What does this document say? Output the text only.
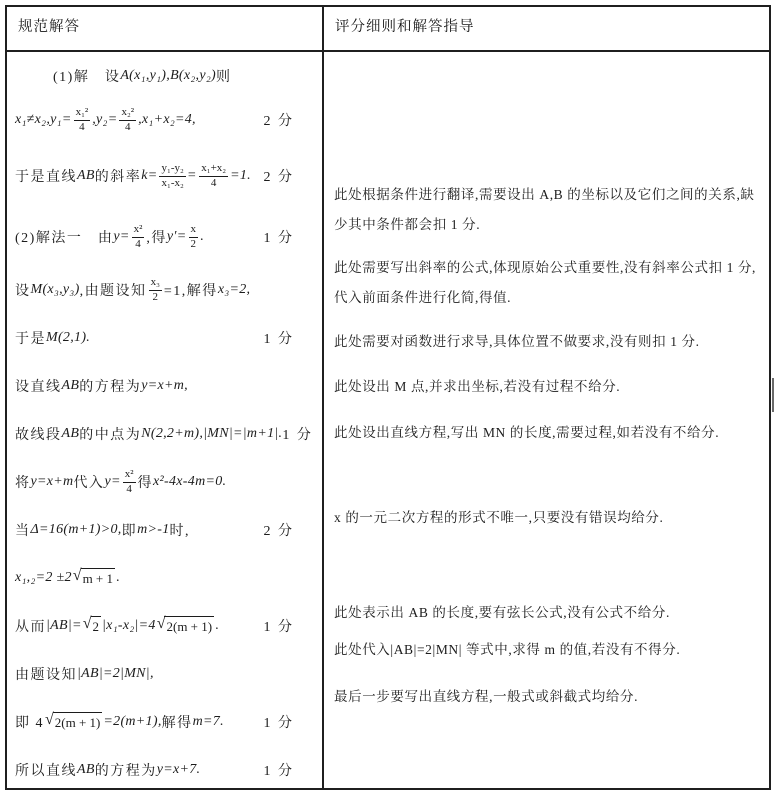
规范解答	评分细则和解答指导
(1)解　设 A(x₁,y₁),B(x₂,y₂) 则
$x_1\ne x_2,y_1= \frac{\text{x₁²}}{4} ,y_2= \frac{\text{x₂²}}{4} ,x_1+x_2=4$,	2 分
于是直线 AB 的斜率 $k= \frac{\text{y₁-y₂}}{\text{x₁-x₂}} = \frac{\text{x₁+x₂}}{4} =1$. 2 分
(2)解法一　由 $y= \frac{\text{x²}}{4}$ ,得 $y'= \frac{x}{2}$ .	1 分
设 M(x₃,y₃) ,由题设知 $\frac{\text{x₃}}{2} =1$,解得 x₃=2,
于是 M(2,1).	1 分
设直线 AB 的方程为 y=x+m,
故线段 AB 的中点为 N(2,2+m),|MN|=|m+1|. 1 分
将 y=x+m 代入 $y= \frac{\text{x²}}{4}$ 得 x²-4x-4m=0.
当 Δ=16(m+1)>0, 即 m>-1 时,	2 分
x₁,₂=2 ±2 √ m + 1 .
从而 |AB|= √ 2 |x₁-x₂|=4 √ 2(m + 1) .	1 分
由题设知 |AB|=2|MN|,
即 4 √ 2(m + 1) =2(m+1), 解得 m=7.	1 分
所以直线 AB 的方程为 y=x+7.	1 分

此处根据条件进行翻译,需要设出 A,B 的坐标以及它们之间的关系,缺少其中条件都会扣 1 分.

此处需要写出斜率的公式,体现原始公式重要性,没有斜率公式扣 1 分,代入前面条件进行化简,得值.

此处需要对函数进行求导,具体位置不做要求,没有则扣 1 分.

此处设出 M 点,并求出坐标,若没有过程不给分.

此处设出直线方程,写出 MN 的长度,需要过程,如若没有不给分.

x 的一元二次方程的形式不唯一,只要没有错误均给分.

此处表示出 AB 的长度,要有弦长公式,没有公式不给分.

此处代入|AB|=2|MN| 等式中,求得 m 的值,若没有不得分.

最后一步要写出直线方程,一般式或斜截式均给分.
